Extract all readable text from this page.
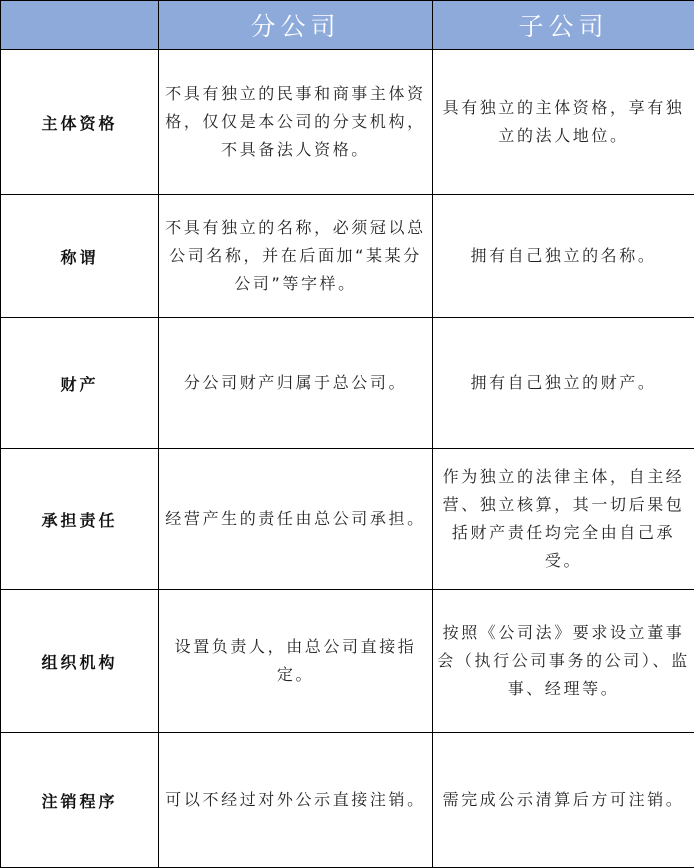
	分公司	子公司
主体资格	不具有独立的民事和商事主体资格，仅仅是本公司的分支机构，不具备法人资格。	具有独立的主体资格，享有独立的法人地位。
称谓	不具有独立的名称，必须冠以总公司名称，并在后面加“某某分公司”等字样。	拥有自己独立的名称。
财产	分公司财产归属于总公司。	拥有自己独立的财产。
承担责任	经营产生的责任由总公司承担。	作为独立的法律主体，自主经营、独立核算，其一切后果包括财产责任均完全由自己承受。
组织机构	设置负责人，由总公司直接指定。	按照《公司法》要求设立董事会（执行公司事务的公司）、监事、经理等。
注销程序	可以不经过对外公示直接注销。	需完成公示清算后方可注销。
